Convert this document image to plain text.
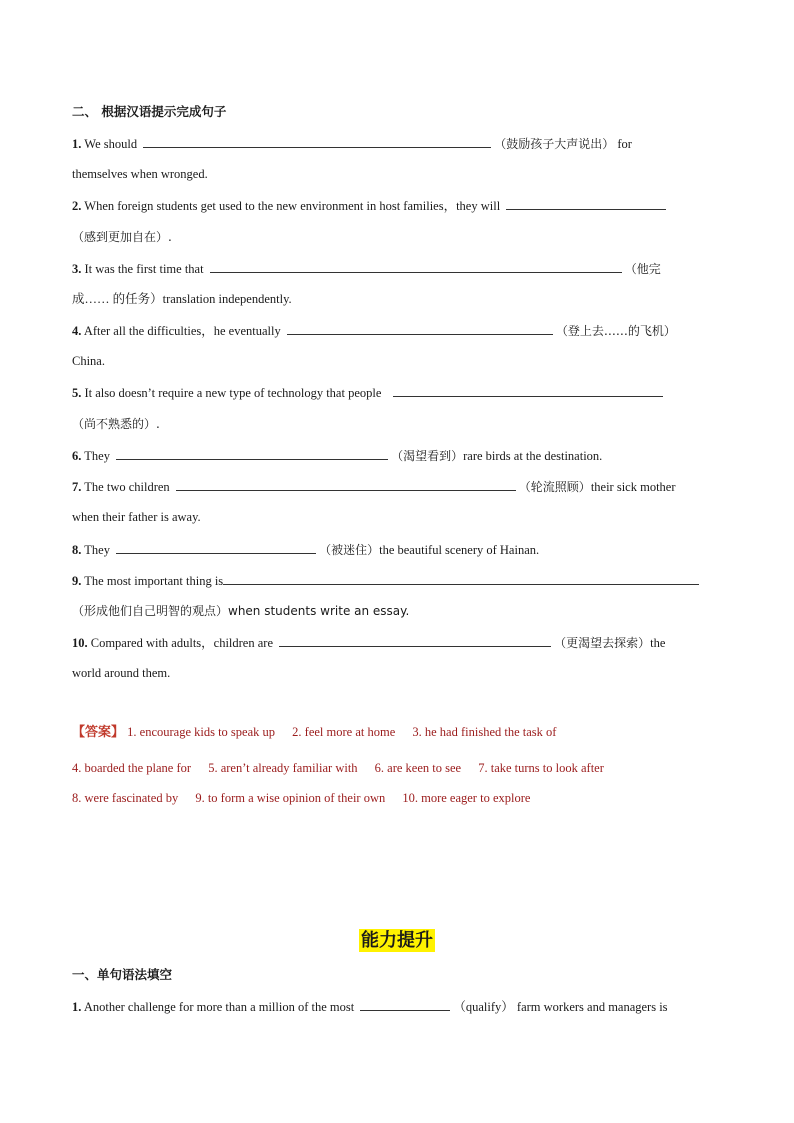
二、 根据汉语提示完成句子
1. We should	（鼓励孩子大声说出） for
themselves when wronged.
2. When foreign students get used to the new environment in host families，they will
（感到更加自在）.
3. It was the first time that	（他完
成…… 的任务）translation independently.
4. After all the difficulties，he eventually	（登上去……的飞机）
China.
5. It also doesn’t require a new type of technology that people
（尚不熟悉的）.
6. They	（渴望看到）rare birds at the destination.
7. The two children	（轮流照顾）their sick mother
when their father is away.
8. They	（被迷住）the beautiful scenery of Hainan.
9. The most important thing is
（形成他们自己明智的观点）when students write an essay.
10. Compared with adults，children are	（更渴望去探索）the
world around them.
【答案】 1. encourage kids to speak up 2. feel more at home 3. he had finished the task of
4. boarded the plane for 5. aren’t already familiar with 6. are keen to see 7. take turns to look after
8. were fascinated by 9. to form a wise opinion of their own 10. more eager to explore
能力提升
一、单句语法填空
1. Another challenge for more than a million of the most	（qualify） farm workers and managers is
